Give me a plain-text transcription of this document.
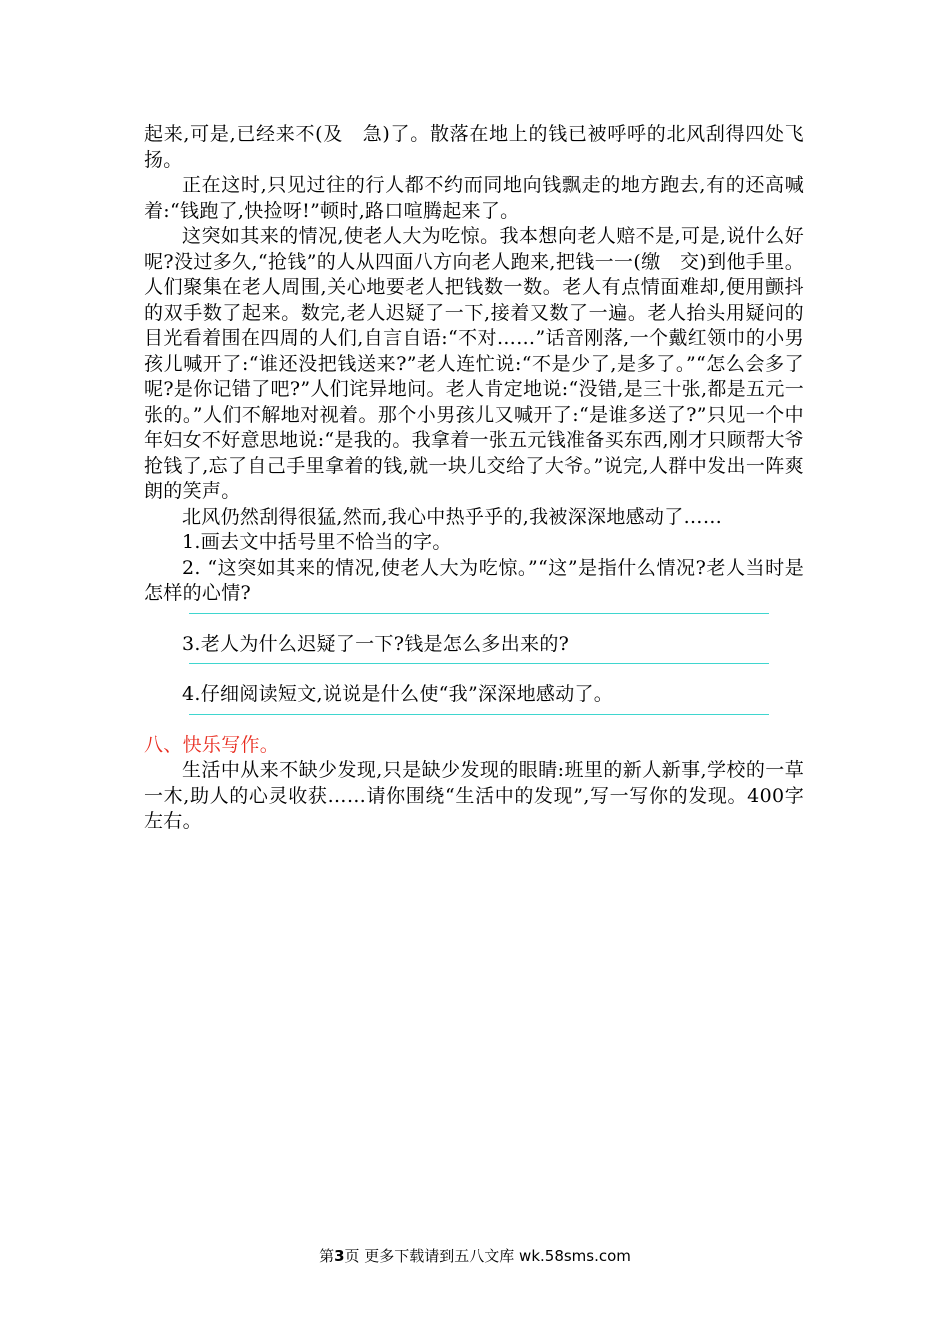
起来,可是,已经来不(及　急)了。散落在地上的钱已被呼呼的北风刮得四处飞扬。

正在这时,只见过往的行人都不约而同地向钱飘走的地方跑去,有的还高喊着:“钱跑了,快捡呀!”顿时,路口喧腾起来了。

这突如其来的情况,使老人大为吃惊。我本想向老人赔不是,可是,说什么好呢?没过多久,“抢钱”的人从四面八方向老人跑来,把钱一一(缴　交)到他手里。人们聚集在老人周围,关心地要老人把钱数一数。老人有点情面难却,便用颤抖的双手数了起来。数完,老人迟疑了一下,接着又数了一遍。老人抬头用疑问的目光看着围在四周的人们,自言自语:“不对……”话音刚落,一个戴红领巾的小男孩儿喊开了:“谁还没把钱送来?”老人连忙说:“不是少了,是多了。”“怎么会多了呢?是你记错了吧?”人们诧异地问。老人肯定地说:“没错,是三十张,都是五元一张的。”人们不解地对视着。那个小男孩儿又喊开了:“是谁多送了?”只见一个中年妇女不好意思地说:“是我的。我拿着一张五元钱准备买东西,刚才只顾帮大爷抢钱了,忘了自己手里拿着的钱,就一块儿交给了大爷。”说完,人群中发出一阵爽朗的笑声。

北风仍然刮得很猛,然而,我心中热乎乎的,我被深深地感动了……

1.画去文中括号里不恰当的字。

2. “这突如其来的情况,使老人大为吃惊。”“这”是指什么情况?老人当时是怎样的心情?

3.老人为什么迟疑了一下?钱是怎么多出来的?

4.仔细阅读短文,说说是什么使“我”深深地感动了。

八、快乐写作。

生活中从来不缺少发现,只是缺少发现的眼睛:班里的新人新事,学校的一草一木,助人的心灵收获……请你围绕“生活中的发现”,写一写你的发现。400字左右。

第3页 更多下载请到五八文库 wk.58sms.com
